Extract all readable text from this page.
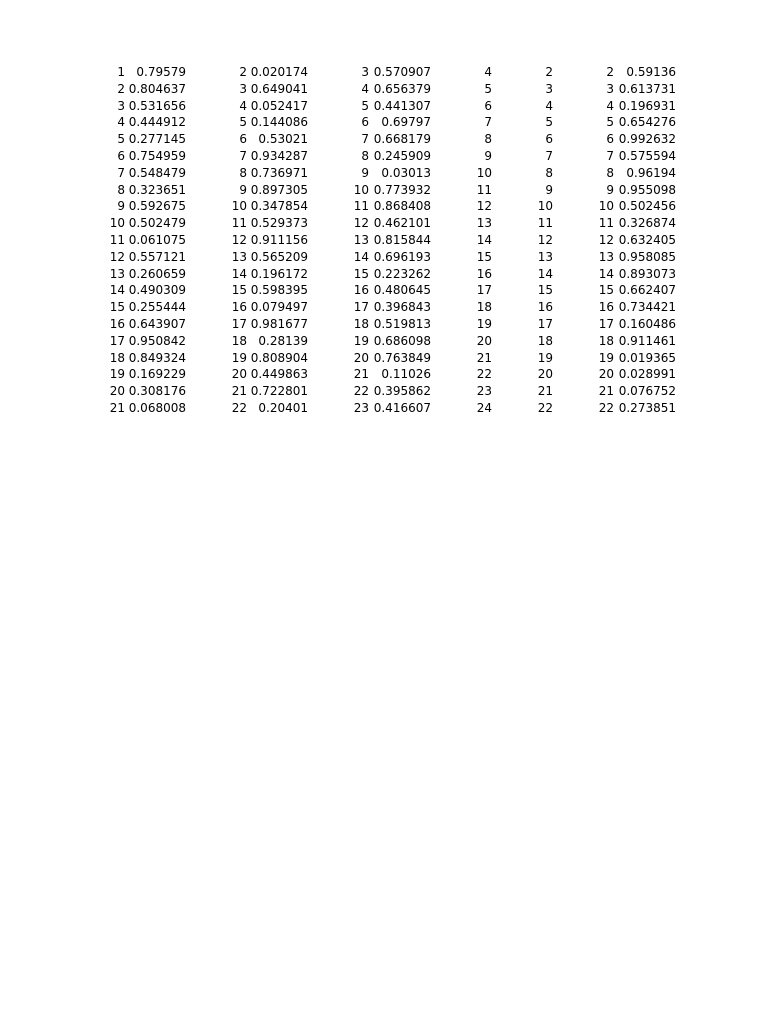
1 0.79579	2 0.020174	3 0.570907	4	2	2	0.59136
2 0.804637	3 0.649041	4 0.656379	5	3	3 0.613731
3 0.531656	4 0.052417	5 0.441307	6	4	4 0.196931
4 0.444912	5 0.144086	6	0.69797	7	5	5 0.654276
5 0.277145	6 0.53021	7 0.668179	8	6	6 0.992632
6 0.754959	7 0.934287	8 0.245909	9	7	7 0.575594
7 0.548479	8 0.736971	9	0.03013	10	8	8	0.96194
8 0.323651	9 0.897305	10 0.773932	11	9	9 0.955098
9 0.592675	10 0.347854	11 0.868408	12	10	10 0.502456
10 0.502479	11 0.529373	12 0.462101	13	11	11 0.326874
11 0.061075	12 0.911156	13 0.815844	14	12	12 0.632405
12 0.557121	13 0.565209	14 0.696193	15	13	13 0.958085
13 0.260659	14 0.196172	15 0.223262	16	14	14 0.893073
14 0.490309	15 0.598395	16 0.480645	17	15	15 0.662407
15 0.255444	16 0.079497	17 0.396843	18	16	16 0.734421
16 0.643907	17 0.981677	18 0.519813	19	17	17 0.160486
17 0.950842	18 0.28139	19 0.686098	20	18	18 0.911461
18 0.849324	19 0.808904	20 0.763849	21	19	19 0.019365
19 0.169229	20 0.449863	21	0.11026	22	20	20 0.028991
20 0.308176	21 0.722801	22 0.395862	23	21	21 0.076752
21 0.068008	22 0.20401	23 0.416607	24	22	22 0.273851
